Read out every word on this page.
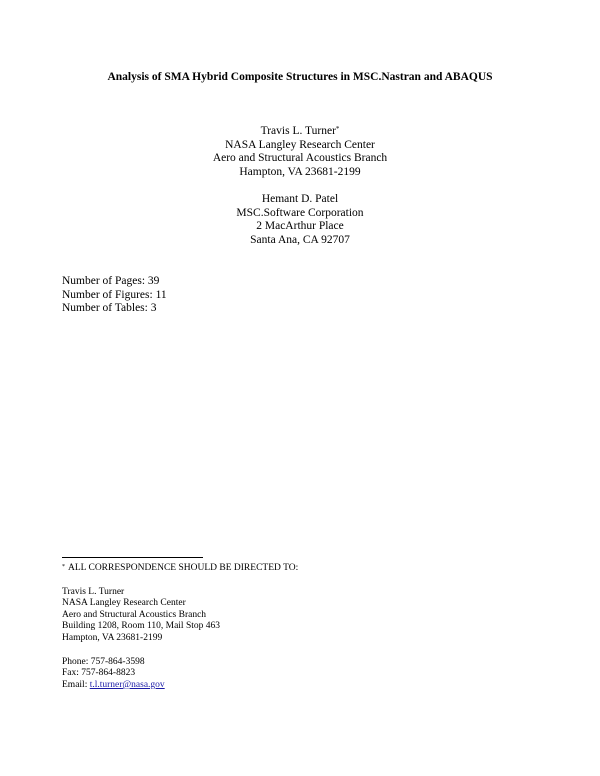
Analysis of SMA Hybrid Composite Structures in MSC.Nastran and ABAQUS
Travis L. Turner*
NASA Langley Research Center
Aero and Structural Acoustics Branch
Hampton, VA 23681-2199
Hemant D. Patel
MSC.Software Corporation
2 MacArthur Place
Santa Ana, CA 92707
Number of Pages: 39
Number of Figures: 11
Number of Tables: 3
* ALL CORRESPONDENCE SHOULD BE DIRECTED TO:
Travis L. Turner
NASA Langley Research Center
Aero and Structural Acoustics Branch
Building 1208, Room 110, Mail Stop 463
Hampton, VA 23681-2199
Phone: 757-864-3598
Fax: 757-864-8823
Email: t.l.turner@nasa.gov
